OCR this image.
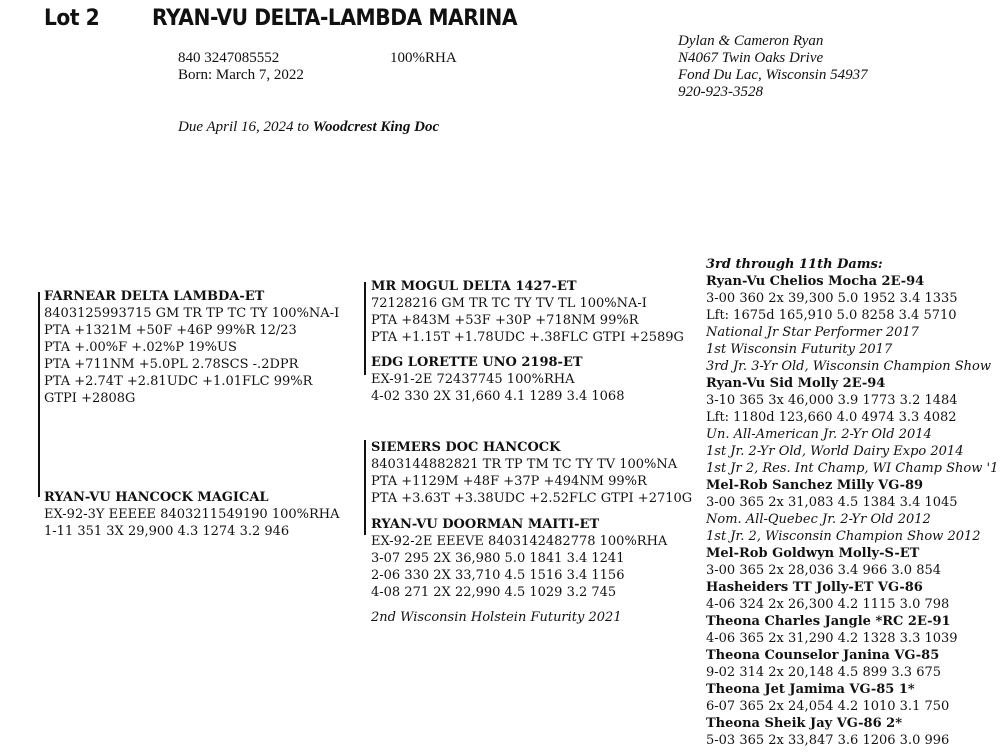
Lot 2 RYAN-VU DELTA-LAMBDA MARINA
840 3247085552	100%RHA
Born: March 7, 2022
Due April 16, 2024 to Woodcrest King Doc
Dylan & Cameron Ryan
N4067 Twin Oaks Drive
Fond Du Lac, Wisconsin 54937
920-923-3528
FARNEAR DELTA LAMBDA-ET
8403125993715 GM TR TP TC TY 100%NA-I
PTA +1321M +50F +46P 99%R 12/23
PTA +.00%F +.02%P 19%US
PTA +711NM +5.0PL 2.78SCS -.2DPR
PTA +2.74T +2.81UDC +1.01FLC 99%R
GTPI +2808G
RYAN-VU HANCOCK MAGICAL
EX-92-3Y EEEEE 8403211549190 100%RHA
1-11 351 3X 29,900 4.3 1274 3.2 946
MR MOGUL DELTA 1427-ET
72128216 GM TR TC TY TV TL 100%NA-I
PTA +843M +53F +30P +718NM 99%R
PTA +1.15T +1.78UDC +.38FLC GTPI +2589G
EDG LORETTE UNO 2198-ET
EX-91-2E 72437745 100%RHA
4-02 330 2X 31,660 4.1 1289 3.4 1068
SIEMERS DOC HANCOCK
8403144882821 TR TP TM TC TY TV 100%NA
PTA +1129M +48F +37P +494NM 99%R
PTA +3.63T +3.38UDC +2.52FLC GTPI +2710G
RYAN-VU DOORMAN MAITI-ET
EX-92-2E EEEVE 8403142482778 100%RHA
3-07 295 2X 36,980 5.0 1841 3.4 1241
2-06 330 2X 33,710 4.5 1516 3.4 1156
4-08 271 2X 22,990 4.5 1029 3.2 745
2nd Wisconsin Holstein Futurity 2021
3rd through 11th Dams:
Ryan-Vu Chelios Mocha 2E-94
3-00 360 2x 39,300 5.0 1952 3.4 1335
Lft: 1675d 165,910 5.0 8258 3.4 5710
National Jr Star Performer 2017
1st Wisconsin Futurity 2017
3rd Jr. 3-Yr Old, Wisconsin Champion Show
Ryan-Vu Sid Molly 2E-94
3-10 365 3x 46,000 3.9 1773 3.2 1484
Lft: 1180d 123,660 4.0 4974 3.3 4082
Un. All-American Jr. 2-Yr Old 2014
1st Jr. 2-Yr Old, World Dairy Expo 2014
1st Jr 2, Res. Int Champ, WI Champ Show '1
Mel-Rob Sanchez Milly VG-89
3-00 365 2x 31,083 4.5 1384 3.4 1045
Nom. All-Quebec Jr. 2-Yr Old 2012
1st Jr. 2, Wisconsin Champion Show 2012
Mel-Rob Goldwyn Molly-S-ET
3-00 365 2x 28,036 3.4 966 3.0 854
Hasheiders TT Jolly-ET VG-86
4-06 324 2x 26,300 4.2 1115 3.0 798
Theona Charles Jangle *RC 2E-91
4-06 365 2x 31,290 4.2 1328 3.3 1039
Theona Counselor Janina VG-85
9-02 314 2x 20,148 4.5 899 3.3 675
Theona Jet Jamima VG-85 1*
6-07 365 2x 24,054 4.2 1010 3.1 750
Theona Sheik Jay VG-86 2*
5-03 365 2x 33,847 3.6 1206 3.0 996
